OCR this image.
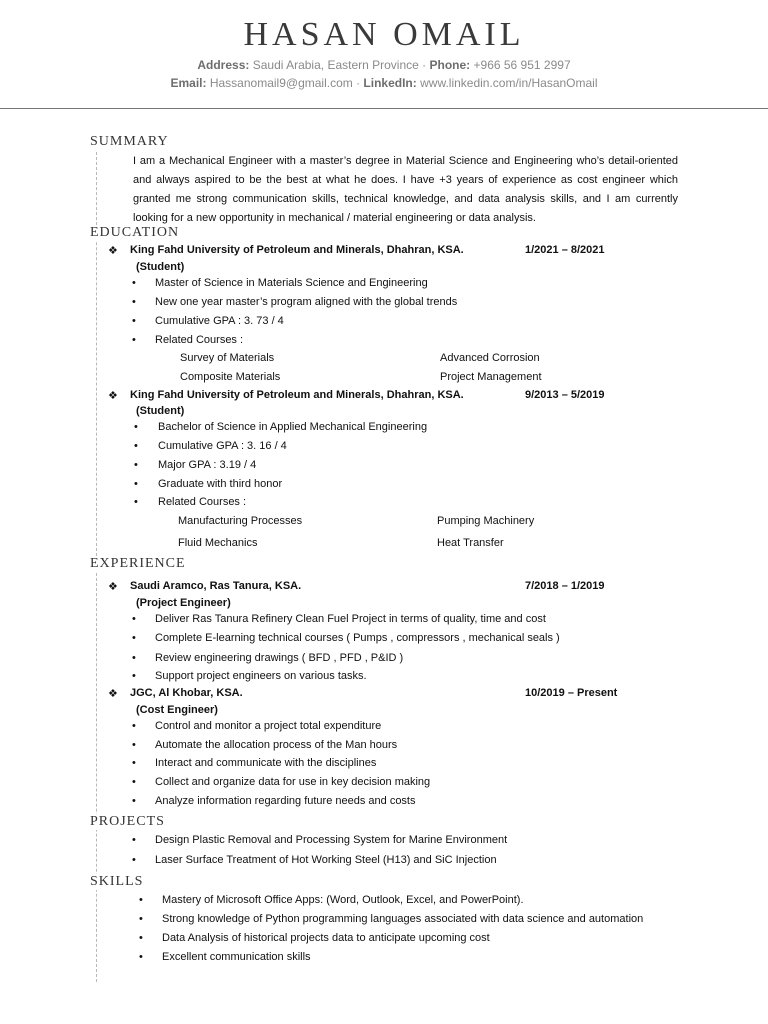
HASAN OMAIL
Address: Saudi Arabia, Eastern Province · Phone: +966 56 951 2997
Email: Hassanomail9@gmail.com · LinkedIn: www.linkedin.com/in/HasanOmail
SUMMARY
I am a Mechanical Engineer with a master’s degree in Material Science and Engineering who’s detail-oriented and always aspired to be the best at what he does. I have +3 years of experience as cost engineer which granted me strong communication skills, technical knowledge, and data analysis skills, and I am currently looking for a new opportunity in mechanical / material engineering or data analysis.
EDUCATION
❖ King Fahd University of Petroleum and Minerals, Dhahran, KSA.	1/2021 – 8/2021
(Student)
• Master of Science in Materials Science and Engineering
• New one year master’s program aligned with the global trends
• Cumulative GPA : 3. 73 / 4
• Related Courses :
Survey of Materials	Advanced Corrosion
Composite Materials	Project Management
❖ King Fahd University of Petroleum and Minerals, Dhahran, KSA.	9/2013 – 5/2019
(Student)
• Bachelor of Science in Applied Mechanical Engineering
• Cumulative GPA : 3. 16 / 4
• Major GPA : 3.19 / 4
• Graduate with third honor
• Related Courses :
Manufacturing Processes	Pumping Machinery
Fluid Mechanics	Heat Transfer
EXPERIENCE
❖ Saudi Aramco, Ras Tanura, KSA.	7/2018 – 1/2019
(Project Engineer)
• Deliver Ras Tanura Refinery Clean Fuel Project in terms of quality, time and cost
• Complete E-learning technical courses ( Pumps , compressors , mechanical seals )
• Review engineering drawings ( BFD , PFD , P&ID )
• Support project engineers on various tasks.
❖ JGC, Al Khobar, KSA.	10/2019 – Present
(Cost Engineer)
• Control and monitor a project total expenditure
• Automate the allocation process of the Man hours
• Interact and communicate with the disciplines
• Collect and organize data for use in key decision making
• Analyze information regarding future needs and costs
PROJECTS
• Design Plastic Removal and Processing System for Marine Environment
• Laser Surface Treatment of Hot Working Steel (H13) and SiC Injection
SKILLS
• Mastery of Microsoft Office Apps: (Word, Outlook, Excel, and PowerPoint).
• Strong knowledge of Python programming languages associated with data science and automation
• Data Analysis of historical projects data to anticipate upcoming cost
• Excellent communication skills
